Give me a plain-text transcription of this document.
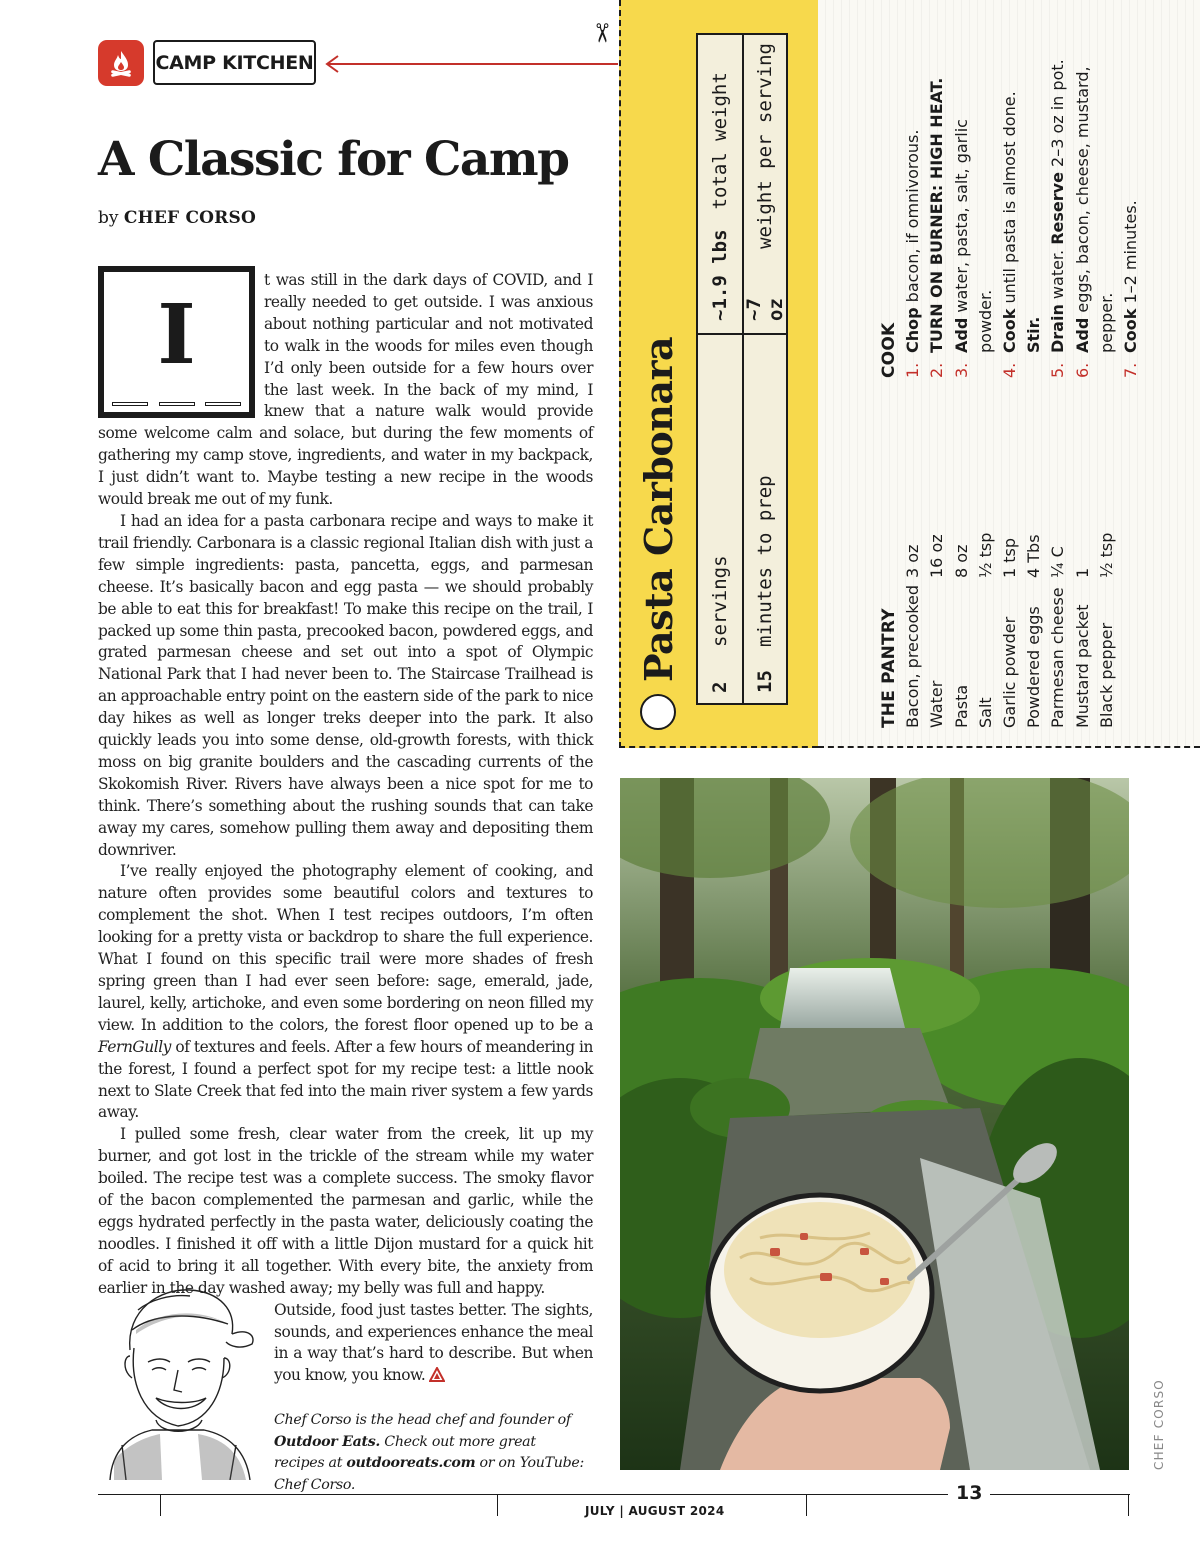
CAMP KITCHEN
A Classic for Camp
by CHEF CORSO
I

t was still in the dark days of COVID, and I really needed to get outside. I was anxious about nothing particular and not motivated to walk in the woods for miles even though I’d only been outside for a few hours over the last week. In the back of my mind, I knew that a nature walk would provide some welcome calm and solace, but during the few moments of gathering my camp stove, ingredients, and water in my backpack, I just didn’t want to. Maybe testing a new recipe in the woods would break me out of my funk.

I had an idea for a pasta carbonara recipe and ways to make it trail friendly. Carbonara is a classic regional Italian dish with just a few simple ingredients: pasta, pancetta, eggs, and parmesan cheese. It’s basically bacon and egg pasta — we should probably be able to eat this for breakfast! To make this recipe on the trail, I packed up some thin pasta, precooked bacon, powdered eggs, and grated parmesan cheese and set out into a spot of Olympic National Park that I had never been to. The Staircase Trailhead is an approachable entry point on the eastern side of the park to nice day hikes as well as longer treks deeper into the park. It also quickly leads you into some dense, old-growth forests, with thick moss on big granite boulders and the cascading currents of the Skokomish River. Rivers have always been a nice spot for me to think. There’s something about the rushing sounds that can take away my cares, somehow pulling them away and depositing them downriver.

I’ve really enjoyed the photography element of cooking, and nature often provides some beautiful colors and textures to complement the shot. When I test recipes outdoors, I’m often looking for a pretty vista or backdrop to share the full experience. What I found on this specific trail were more shades of fresh spring green than I had ever seen before: sage, emerald, jade, laurel, kelly, artichoke, and even some bordering on neon filled my view. In addition to the colors, the forest floor opened up to be a FernGully of textures and feels. After a few hours of meandering in the forest, I found a perfect spot for my recipe test: a little nook next to Slate Creek that fed into the main river system a few yards away.

I pulled some fresh, clear water from the creek, lit up my burner, and got lost in the trickle of the stream while my water boiled. The recipe test was a complete success. The smoky flavor of the bacon complemented the parmesan and garlic, while the eggs hydrated perfectly in the pasta water, deliciously coating the noodles. I finished it off with a little Dijon mustard for a quick hit of acid to bring it all together. With every bite, the anxiety from earlier in the day washed away; my belly was full and happy.

Outside, food just tastes better. The sights, sounds, and experiences enhance the meal in a way that’s hard to describe. But when you know, you know.

Chef Corso is the head chef and founder of Outdoor Eats. Check out more great recipes at outdooreats.com or on YouTube: Chef Corso.
✂
Pasta Carbonara
2
servings
~1.9 lbs
total weight
15
minutes to prep
~7 oz
weight per serving
THE PANTRY Bacon, precooked
3 oz
Water
16 oz
Pasta
8 oz
Salt
½ tsp
Garlic powder
1 tsp
Powdered eggs
4 Tbs
Parmesan cheese
¼ C
Mustard packet
1
Black pepper
½ tsp
COOK 1.
Chop bacon, if omnivorous.
2.
TURN ON BURNER: HIGH HEAT.
3.
Add water, pasta, salt, garlic
powder.
4.
Cook until pasta is almost done.
Stir.
5.
Drain water. Reserve 2–3 oz in pot.
6.
Add eggs, bacon, cheese, mustard,
pepper.
7.
Cook 1–2 minutes.
CHEF CORSO
JULY | AUGUST 2024
13
